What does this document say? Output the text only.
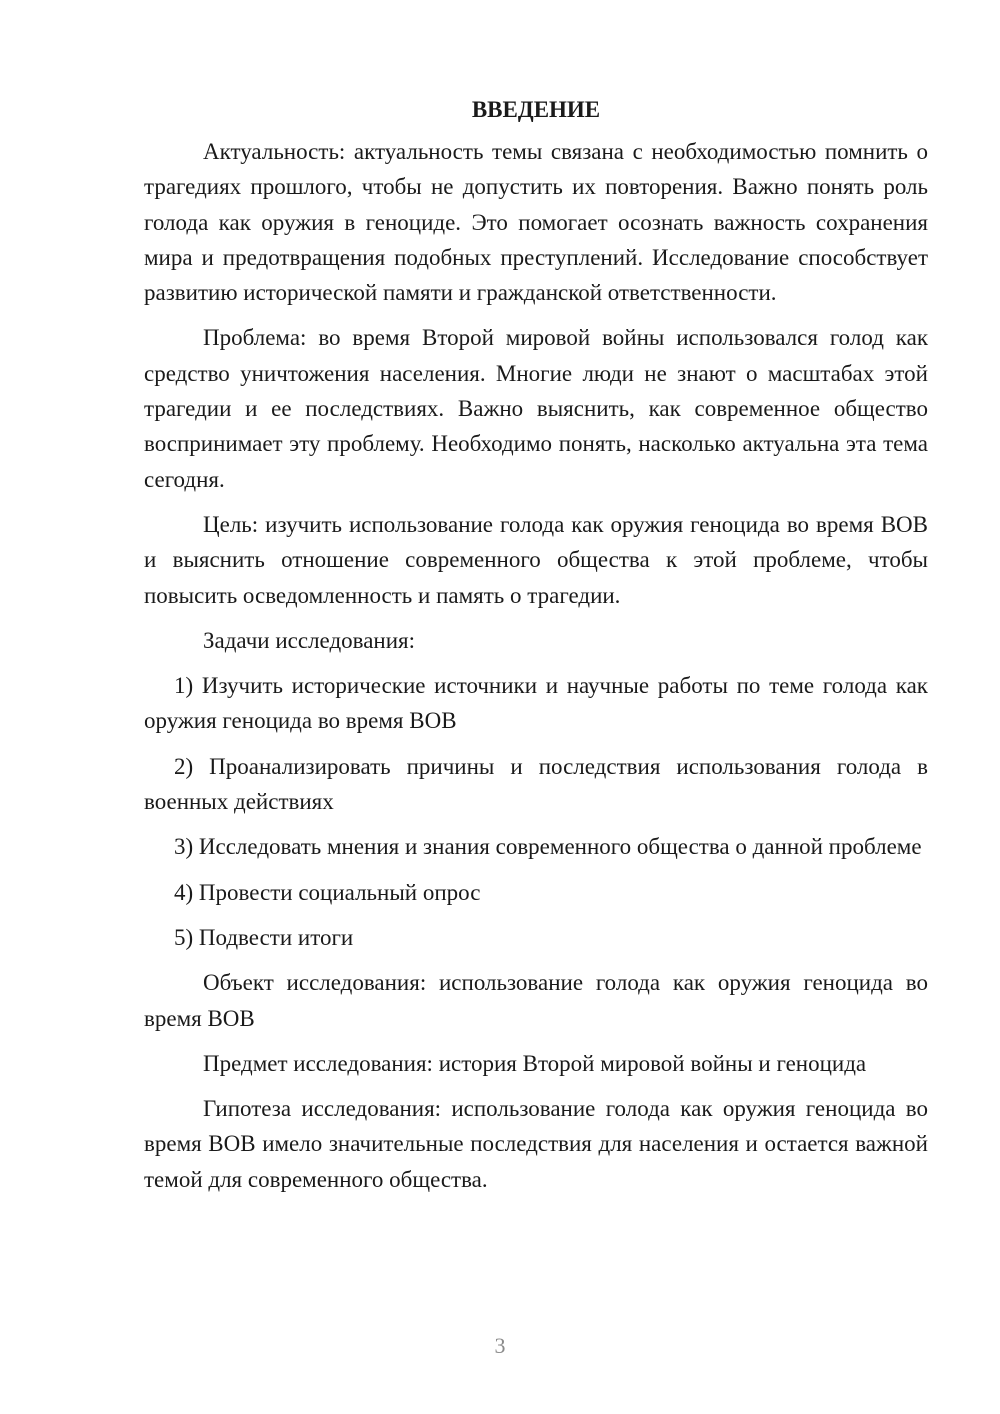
ВВЕДЕНИЕ

Актуальность: актуальность темы связана с необходимостью помнить о трагедиях прошлого, чтобы не допустить их повторения. Важно понять роль голода как оружия в геноциде. Это помогает осознать важность сохранения мира и предотвращения подобных преступлений. Исследование способствует развитию исторической памяти и гражданской ответственности.

Проблема: во время Второй мировой войны использовался голод как средство уничтожения населения. Многие люди не знают о масштабах этой трагедии и ее последствиях. Важно выяснить, как современное общество воспринимает эту проблему. Необходимо понять, насколько актуальна эта тема сегодня.

Цель: изучить использование голода как оружия геноцида во время ВОВ и выяснить отношение современного общества к этой проблеме, чтобы повысить осведомленность и память о трагедии.

Задачи исследования:

1) Изучить исторические источники и научные работы по теме голода как оружия геноцида во время ВОВ

2) Проанализировать причины и последствия использования голода в военных действиях

3) Исследовать мнения и знания современного общества о данной проблеме

4) Провести социальный опрос

5) Подвести итоги

Объект исследования: использование голода как оружия геноцида во время ВОВ

Предмет исследования: история Второй мировой войны и геноцида

Гипотеза исследования: использование голода как оружия геноцида во время ВОВ имело значительные последствия для населения и остается важной темой для современного общества.

3
